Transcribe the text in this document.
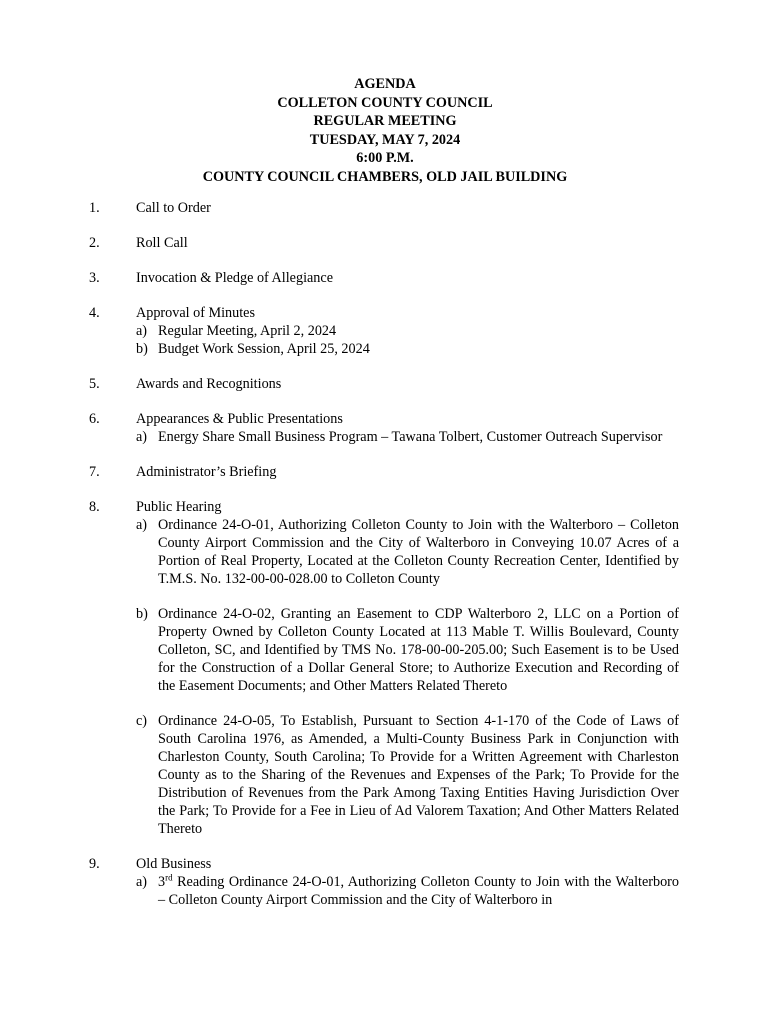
AGENDA
COLLETON COUNTY COUNCIL
REGULAR MEETING
TUESDAY, MAY 7, 2024
6:00 P.M.
COUNTY COUNCIL CHAMBERS, OLD JAIL BUILDING
1.	Call to Order
2.	Roll Call
3.	Invocation & Pledge of Allegiance
4.	Approval of Minutes
a) Regular Meeting, April 2, 2024
b) Budget Work Session, April 25, 2024
5.	Awards and Recognitions
6.	Appearances & Public Presentations
a) Energy Share Small Business Program – Tawana Tolbert, Customer Outreach Supervisor
7.	Administrator’s Briefing
8.	Public Hearing
a) Ordinance 24-O-01, Authorizing Colleton County to Join with the Walterboro – Colleton County Airport Commission and the City of Walterboro in Conveying 10.07 Acres of a Portion of Real Property, Located at the Colleton County Recreation Center, Identified by T.M.S. No. 132-00-00-028.00 to Colleton County
b) Ordinance 24-O-02, Granting an Easement to CDP Walterboro 2, LLC on a Portion of Property Owned by Colleton County Located at 113 Mable T. Willis Boulevard, County Colleton, SC, and Identified by TMS No. 178-00-00-205.00; Such Easement is to be Used for the Construction of a Dollar General Store; to Authorize Execution and Recording of the Easement Documents; and Other Matters Related Thereto
c) Ordinance 24-O-05, To Establish, Pursuant to Section 4-1-170 of the Code of Laws of South Carolina 1976, as Amended, a Multi-County Business Park in Conjunction with Charleston County, South Carolina; To Provide for a Written Agreement with Charleston County as to the Sharing of the Revenues and Expenses of the Park; To Provide for the Distribution of Revenues from the Park Among Taxing Entities Having Jurisdiction Over the Park; To Provide for a Fee in Lieu of Ad Valorem Taxation; And Other Matters Related Thereto
9.	Old Business
a) 3rd Reading Ordinance 24-O-01, Authorizing Colleton County to Join with the Walterboro – Colleton County Airport Commission and the City of Walterboro in
